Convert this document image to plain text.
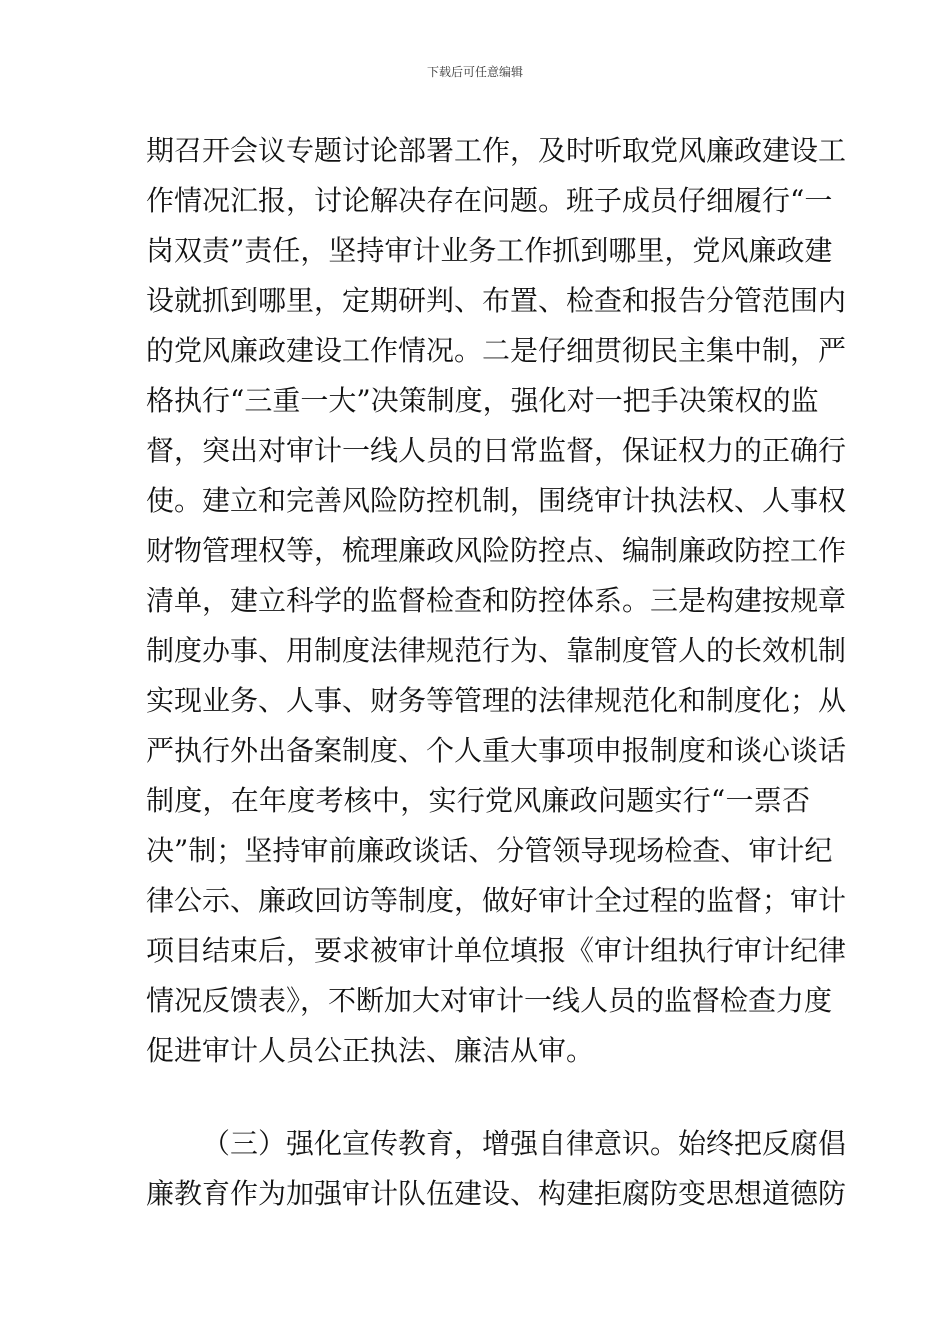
下载后可任意编辑
期召开会议专题讨论部署工作，及时听取党风廉政建设工
作情况汇报，讨论解决存在问题。班子成员仔细履行“一
岗双责”责任，坚持审计业务工作抓到哪里，党风廉政建
设就抓到哪里，定期研判、布置、检查和报告分管范围内
的党风廉政建设工作情况。二是仔细贯彻民主集中制，严
格执行“三重一大”决策制度，强化对一把手决策权的监
督，突出对审计一线人员的日常监督，保证权力的正确行
使。建立和完善风险防控机制，围绕审计执法权、人事权
财物管理权等，梳理廉政风险防控点、编制廉政防控工作
清单，建立科学的监督检查和防控体系。三是构建按规章
制度办事、用制度法律规范行为、靠制度管人的长效机制
实现业务、人事、财务等管理的法律规范化和制度化；从
严执行外出备案制度、个人重大事项申报制度和谈心谈话
制度，在年度考核中，实行党风廉政问题实行“一票否
决”制；坚持审前廉政谈话、分管领导现场检查、审计纪
律公示、廉政回访等制度，做好审计全过程的监督；审计
项目结束后，要求被审计单位填报《审计组执行审计纪律
情况反馈表》，不断加大对审计一线人员的监督检查力度
促进审计人员公正执法、廉洁从审。
（三）强化宣传教育，增强自律意识。始终把反腐倡
廉教育作为加强审计队伍建设、构建拒腐防变思想道德防
